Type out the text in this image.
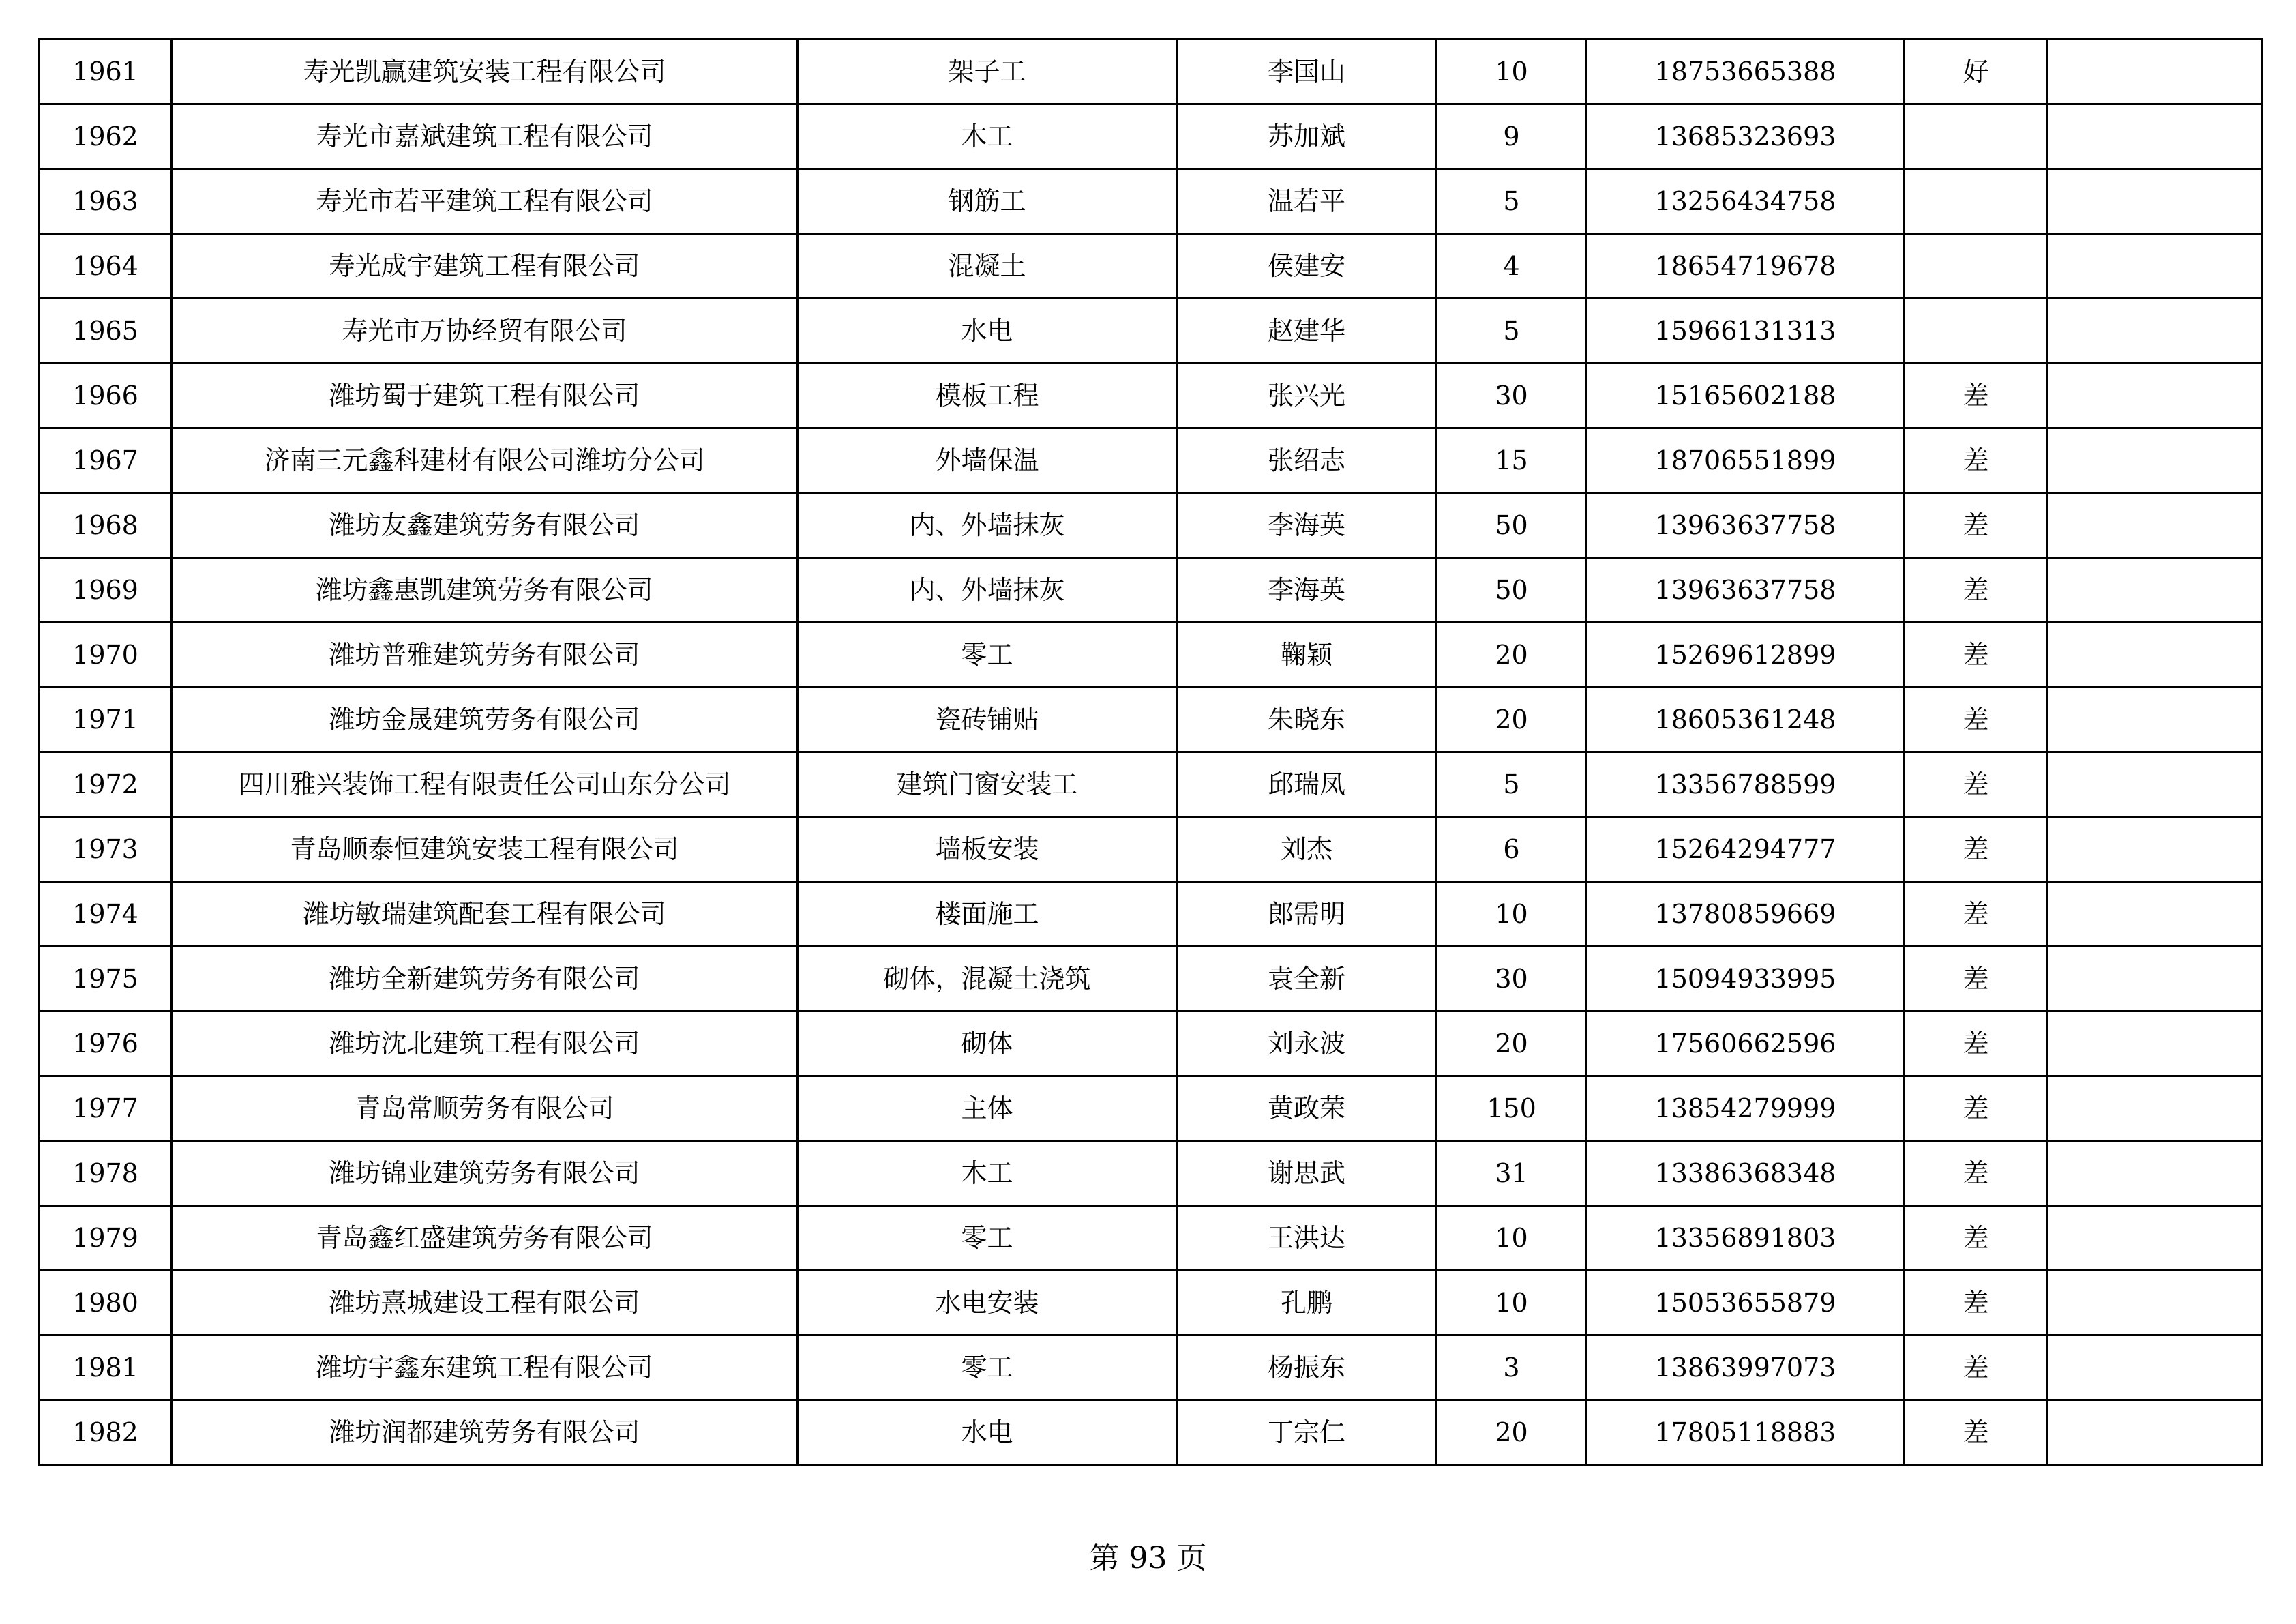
1961	寿光凯赢建筑安装工程有限公司	架子工	李国山	10	18753665388	好	
1962	寿光市嘉斌建筑工程有限公司	木工	苏加斌	9	13685323693		
1963	寿光市若平建筑工程有限公司	钢筋工	温若平	5	13256434758		
1964	寿光成宇建筑工程有限公司	混凝土	侯建安	4	18654719678		
1965	寿光市万协经贸有限公司	水电	赵建华	5	15966131313		
1966	潍坊蜀于建筑工程有限公司	模板工程	张兴光	30	15165602188	差	
1967	济南三元鑫科建材有限公司潍坊分公司	外墙保温	张绍志	15	18706551899	差	
1968	潍坊友鑫建筑劳务有限公司	内、外墙抹灰	李海英	50	13963637758	差	
1969	潍坊鑫惠凯建筑劳务有限公司	内、外墙抹灰	李海英	50	13963637758	差	
1970	潍坊普雅建筑劳务有限公司	零工	鞠颖	20	15269612899	差	
1971	潍坊金晟建筑劳务有限公司	瓷砖铺贴	朱晓东	20	18605361248	差	
1972	四川雅兴装饰工程有限责任公司山东分公司	建筑门窗安装工	邱瑞凤	5	13356788599	差	
1973	青岛顺泰恒建筑安装工程有限公司	墙板安装	刘杰	6	15264294777	差	
1974	潍坊敏瑞建筑配套工程有限公司	楼面施工	郎需明	10	13780859669	差	
1975	潍坊全新建筑劳务有限公司	砌体，混凝土浇筑	袁全新	30	15094933995	差	
1976	潍坊沈北建筑工程有限公司	砌体	刘永波	20	17560662596	差	
1977	青岛常顺劳务有限公司	主体	黄政荣	150	13854279999	差	
1978	潍坊锦业建筑劳务有限公司	木工	谢思武	31	13386368348	差	
1979	青岛鑫红盛建筑劳务有限公司	零工	王洪达	10	13356891803	差	
1980	潍坊熹城建设工程有限公司	水电安装	孔鹏	10	15053655879	差	
1981	潍坊宇鑫东建筑工程有限公司	零工	杨振东	3	13863997073	差	
1982	潍坊润都建筑劳务有限公司	水电	丁宗仁	20	17805118883	差	
第 93 页
